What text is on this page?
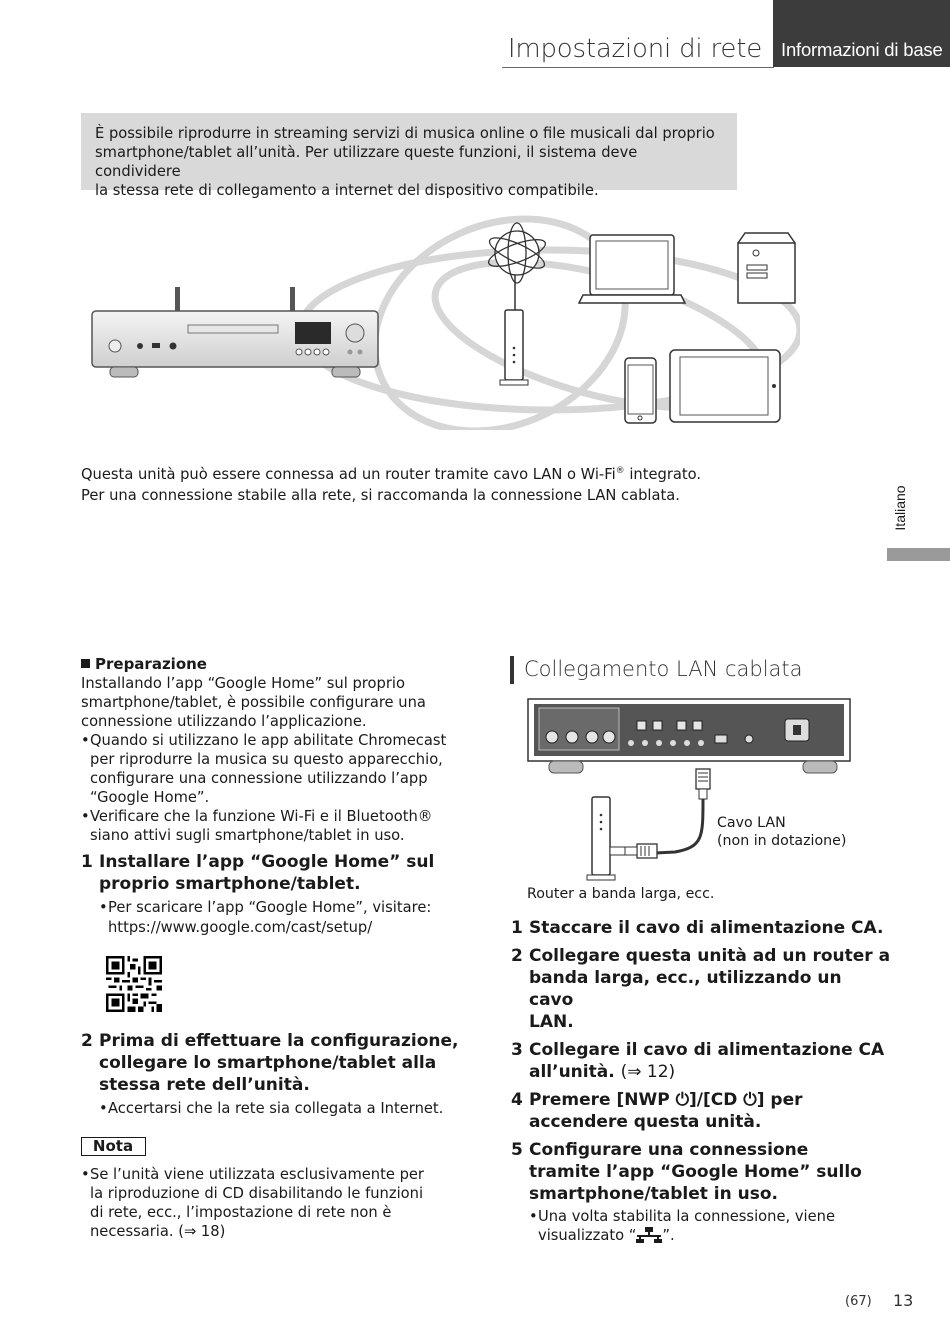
Impostazioni di rete Informazioni di base

È possibile riprodurre in streaming servizi di musica online o file musicali dal proprio

smartphone/tablet all’unità. Per utilizzare queste funzioni, il sistema deve condividere

la stessa rete di collegamento a internet del dispositivo compatibile.

Questa unità può essere connessa ad un router tramite cavo LAN o Wi-Fi® integrato.

Per una connessione stabile alla rete, si raccomanda la connessione LAN cablata.	Italiano

Preparazione

Installando l’app “Google Home” sul proprio

smartphone/tablet, è possibile configurare una

connessione utilizzando l’applicazione.

• Quando si utilizzano le app abilitate Chromecast

per riprodurre la musica su questo apparecchio,

configurare una connessione utilizzando l’app

“Google Home”.

• Verificare che la funzione Wi-Fi e il Bluetooth®

siano attivi sugli smartphone/tablet in uso.

1 Installare l’app “Google Home” sul

proprio smartphone/tablet.

• Per scaricare l’app “Google Home”, visitare:

https://www.google.com/cast/setup/

2 Prima di effettuare la configurazione,

collegare lo smartphone/tablet alla

stessa rete dell’unità.

• Accertarsi che la rete sia collegata a Internet.

Nota
• Se l’unità viene utilizzata esclusivamente per

la riproduzione di CD disabilitando le funzioni

di rete, ecc., l’impostazione di rete non è

necessaria. (⇒ 18)

Collegamento LAN cablata
Cavo LAN
(non in dotazione)
Router a banda larga, ecc.
1 Staccare il cavo di alimentazione CA.
2 Collegare questa unità ad un router a
banda larga, ecc., utilizzando un cavo
LAN.
3 Collegare il cavo di alimentazione CA
all’unità. (⇒ 12)
4 Premere [NWP ⏻]/[CD ⏻] per
accendere questa unità.
5 Configurare una connessione
tramite l’app “Google Home” sullo
smartphone/tablet in uso.
• Una volta stabilita la connessione, viene
visualizzato “ ”.
(67) 13
